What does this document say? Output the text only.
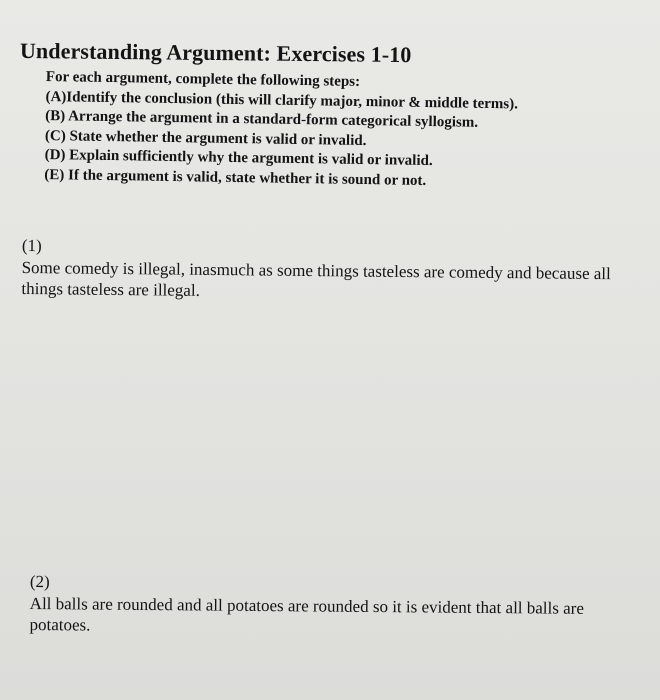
Understanding Argument: Exercises 1-10
For each argument, complete the following steps:
(A)Identify the conclusion (this will clarify major, minor & middle terms).
(B) Arrange the argument in a standard-form categorical syllogism.
(C) State whether the argument is valid or invalid.
(D) Explain sufficiently why the argument is valid or invalid.
(E) If the argument is valid, state whether it is sound or not.
(1)
Some comedy is illegal, inasmuch as some things tasteless are comedy and because all things tasteless are illegal.
(2)
All balls are rounded and all potatoes are rounded so it is evident that all balls are potatoes.
